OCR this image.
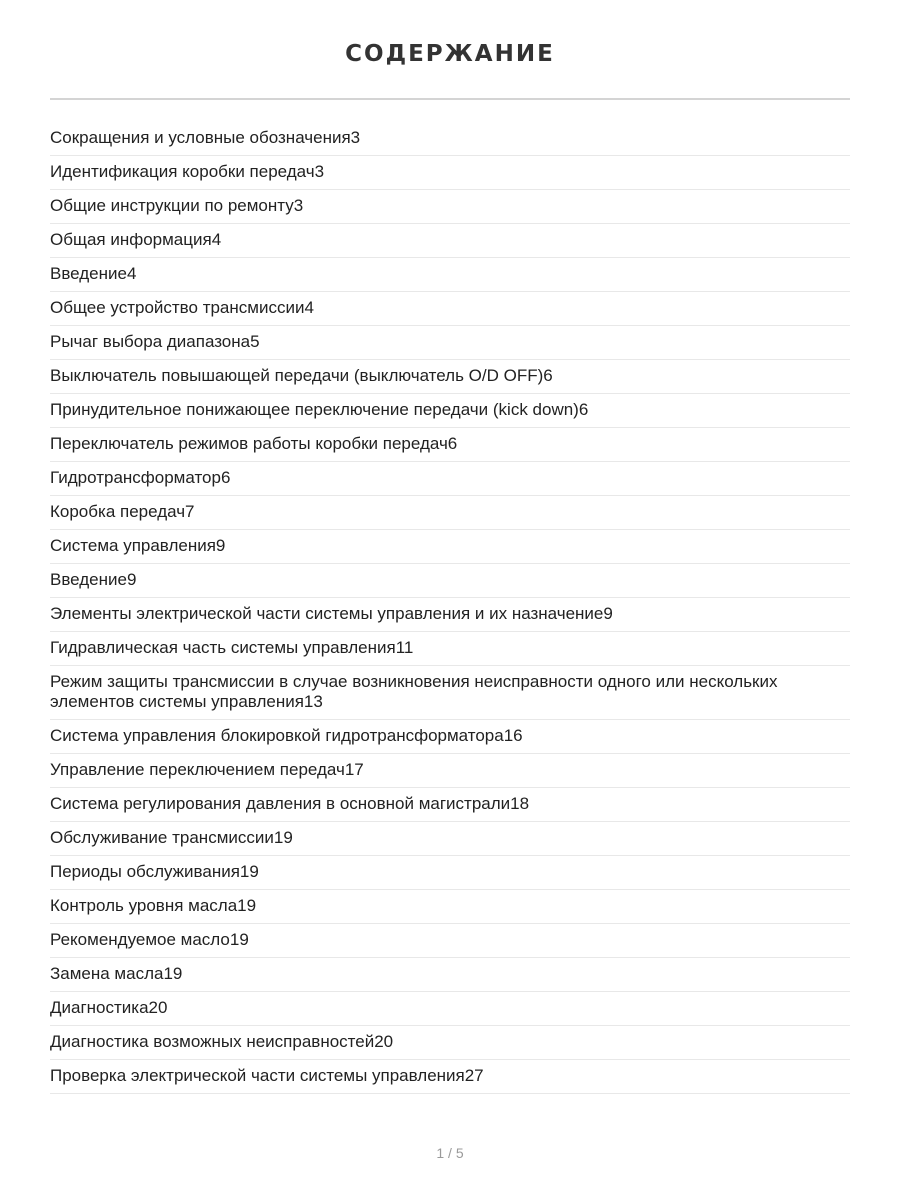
СОДЕРЖАНИЕ
Сокращения и условные обозначения3
Идентификация коробки передач3
Общие инструкции по ремонту3
Общая информация4
Введение4
Общее устройство трансмиссии4
Рычаг выбора диапазона5
Выключатель повышающей передачи (выключатель O/D OFF)6
Принудительное понижающее переключение передачи (kick down)6
Переключатель режимов работы коробки передач6
Гидротрансформатор6
Коробка передач7
Система управления9
Введение9
Элементы электрической части системы управления и их назначение9
Гидравлическая часть системы управления11
Режим защиты трансмиссии в случае возникновения неисправности одного или нескольких элементов системы управления13
Система управления блокировкой гидротрансформатора16
Управление переключением передач17
Система регулирования давления в основной магистрали18
Обслуживание трансмиссии19
Периоды обслуживания19
Контроль уровня масла19
Рекомендуемое масло19
Замена масла19
Диагностика20
Диагностика возможных неисправностей20
Проверка электрической части системы управления27
1 / 5
